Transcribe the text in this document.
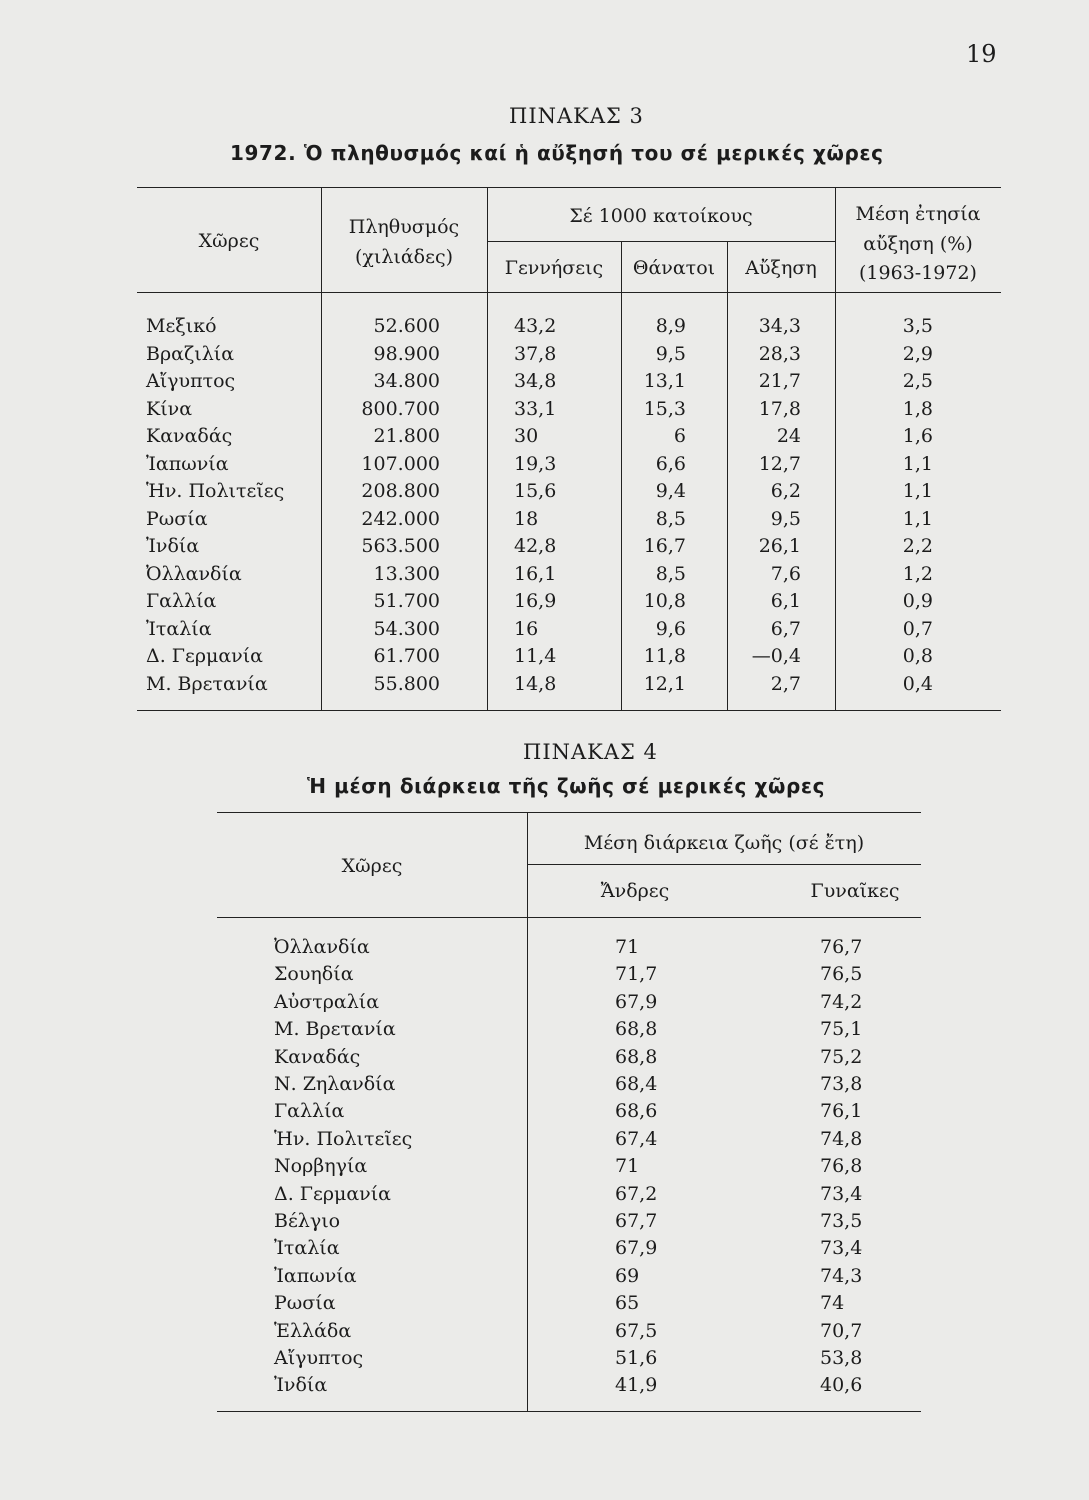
19
ΠΙΝΑΚΑΣ 3
1972. Ὁ πληθυσμός καί ἡ αὔξησή του σέ μερικές χῶρες
Χῶρες
Πληθυσμός
(χιλιάδες)
Σέ 1000 κατοίκους
Γεννήσεις	Θάνατοι	Αὔξηση
Μέση ἐτησία
αὔξηση (%)
(1963-1972)
Μεξικό	52.600	43,2	8,9	34,3	3,5
Βραζιλία	98.900	37,8	9,5	28,3	2,9
Αἴγυπτος	34.800	34,8	13,1	21,7	2,5
Κίνα	800.700	33,1	15,3	17,8	1,8
Καναδάς	21.800	30	6	24	1,6
Ἰαπωνία	107.000	19,3	6,6	12,7	1,1
Ἡν. Πολιτεῖες	208.800	15,6	9,4	6,2	1,1
Ρωσία	242.000	18	8,5	9,5	1,1
Ἰνδία	563.500	42,8	16,7	26,1	2,2
Ὀλλανδία	13.300	16,1	8,5	7,6	1,2
Γαλλία	51.700	16,9	10,8	6,1	0,9
Ἰταλία	54.300	16	9,6	6,7	0,7
Δ. Γερμανία	61.700	11,4	11,8	—0,4	0,8
Μ. Βρετανία	55.800	14,8	12,1	2,7	0,4
ΠΙΝΑΚΑΣ 4
Ἡ μέση διάρκεια τῆς ζωῆς σέ μερικές χῶρες
Χῶρες
Μέση διάρκεια ζωῆς (σέ ἔτη)
Ἄνδρες	Γυναῖκες
Ὀλλανδία	71	76,7
Σουηδία	71,7	76,5
Αὐστραλία	67,9	74,2
Μ. Βρετανία	68,8	75,1
Καναδάς	68,8	75,2
Ν. Ζηλανδία	68,4	73,8
Γαλλία	68,6	76,1
Ἡν. Πολιτεῖες	67,4	74,8
Νορβηγία	71	76,8
Δ. Γερμανία	67,2	73,4
Βέλγιο	67,7	73,5
Ἰταλία	67,9	73,4
Ἰαπωνία	69	74,3
Ρωσία	65	74
Ἑλλάδα	67,5	70,7
Αἴγυπτος	51,6	53,8
Ἰνδία	41,9	40,6
